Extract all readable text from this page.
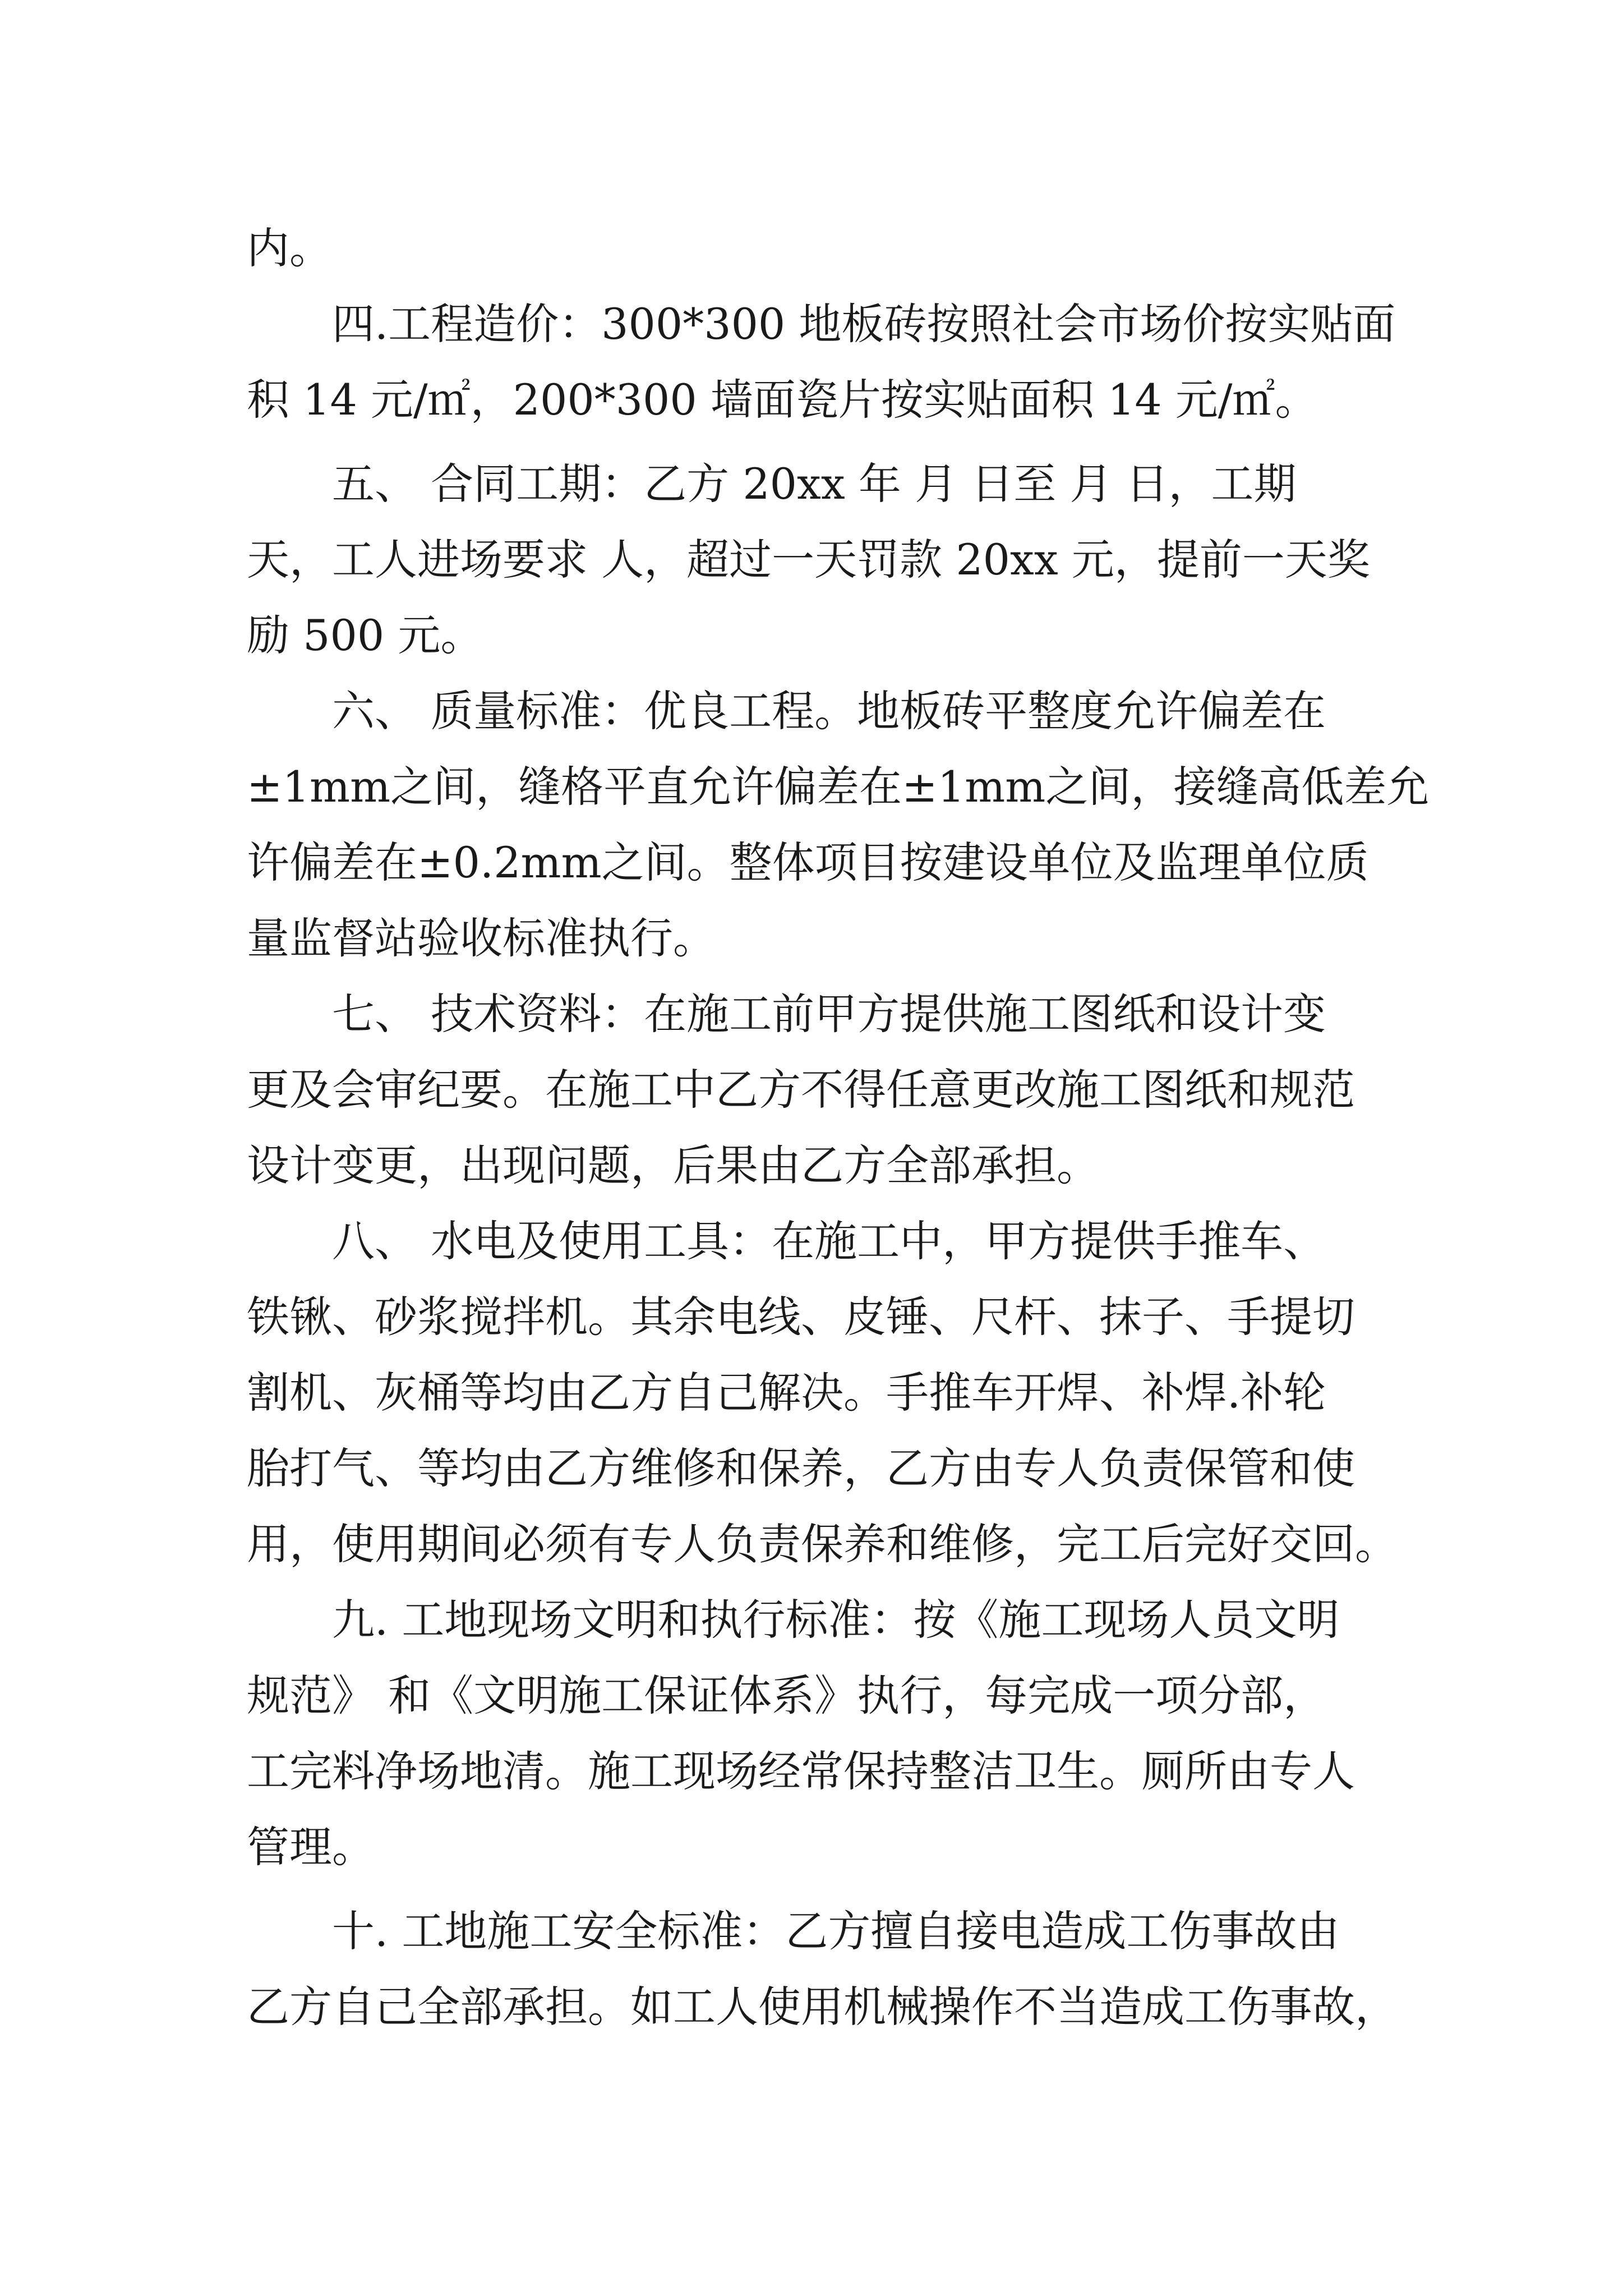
内。
四.工程造价：300*300 地板砖按照社会市场价按实贴面
积 14 元/㎡，200*300 墙面瓷片按实贴面积 14 元/㎡。
五、 合同工期：乙方 20xx 年 月 日至 月 日，工期
天，工人进场要求 人，超过一天罚款 20xx 元，提前一天奖
励 500 元。
六、 质量标准：优良工程。地板砖平整度允许偏差在
±1mm之间，缝格平直允许偏差在±1mm之间，接缝高低差允
许偏差在±0.2mm之间。整体项目按建设单位及监理单位质
量监督站验收标准执行。
七、 技术资料：在施工前甲方提供施工图纸和设计变
更及会审纪要。在施工中乙方不得任意更改施工图纸和规范
设计变更，出现问题，后果由乙方全部承担。
八、 水电及使用工具：在施工中，甲方提供手推车、
铁锹、砂浆搅拌机。其余电线、皮锤、尺杆、抹子、手提切
割机、灰桶等均由乙方自己解决。手推车开焊、补焊.补轮
胎打气、等均由乙方维修和保养，乙方由专人负责保管和使
用，使用期间必须有专人负责保养和维修，完工后完好交回。
九. 工地现场文明和执行标准：按《施工现场人员文明
规范》 和《文明施工保证体系》执行，每完成一项分部，
工完料净场地清。施工现场经常保持整洁卫生。厕所由专人
管理。
十. 工地施工安全标准：乙方擅自接电造成工伤事故由
乙方自己全部承担。如工人使用机械操作不当造成工伤事故，
